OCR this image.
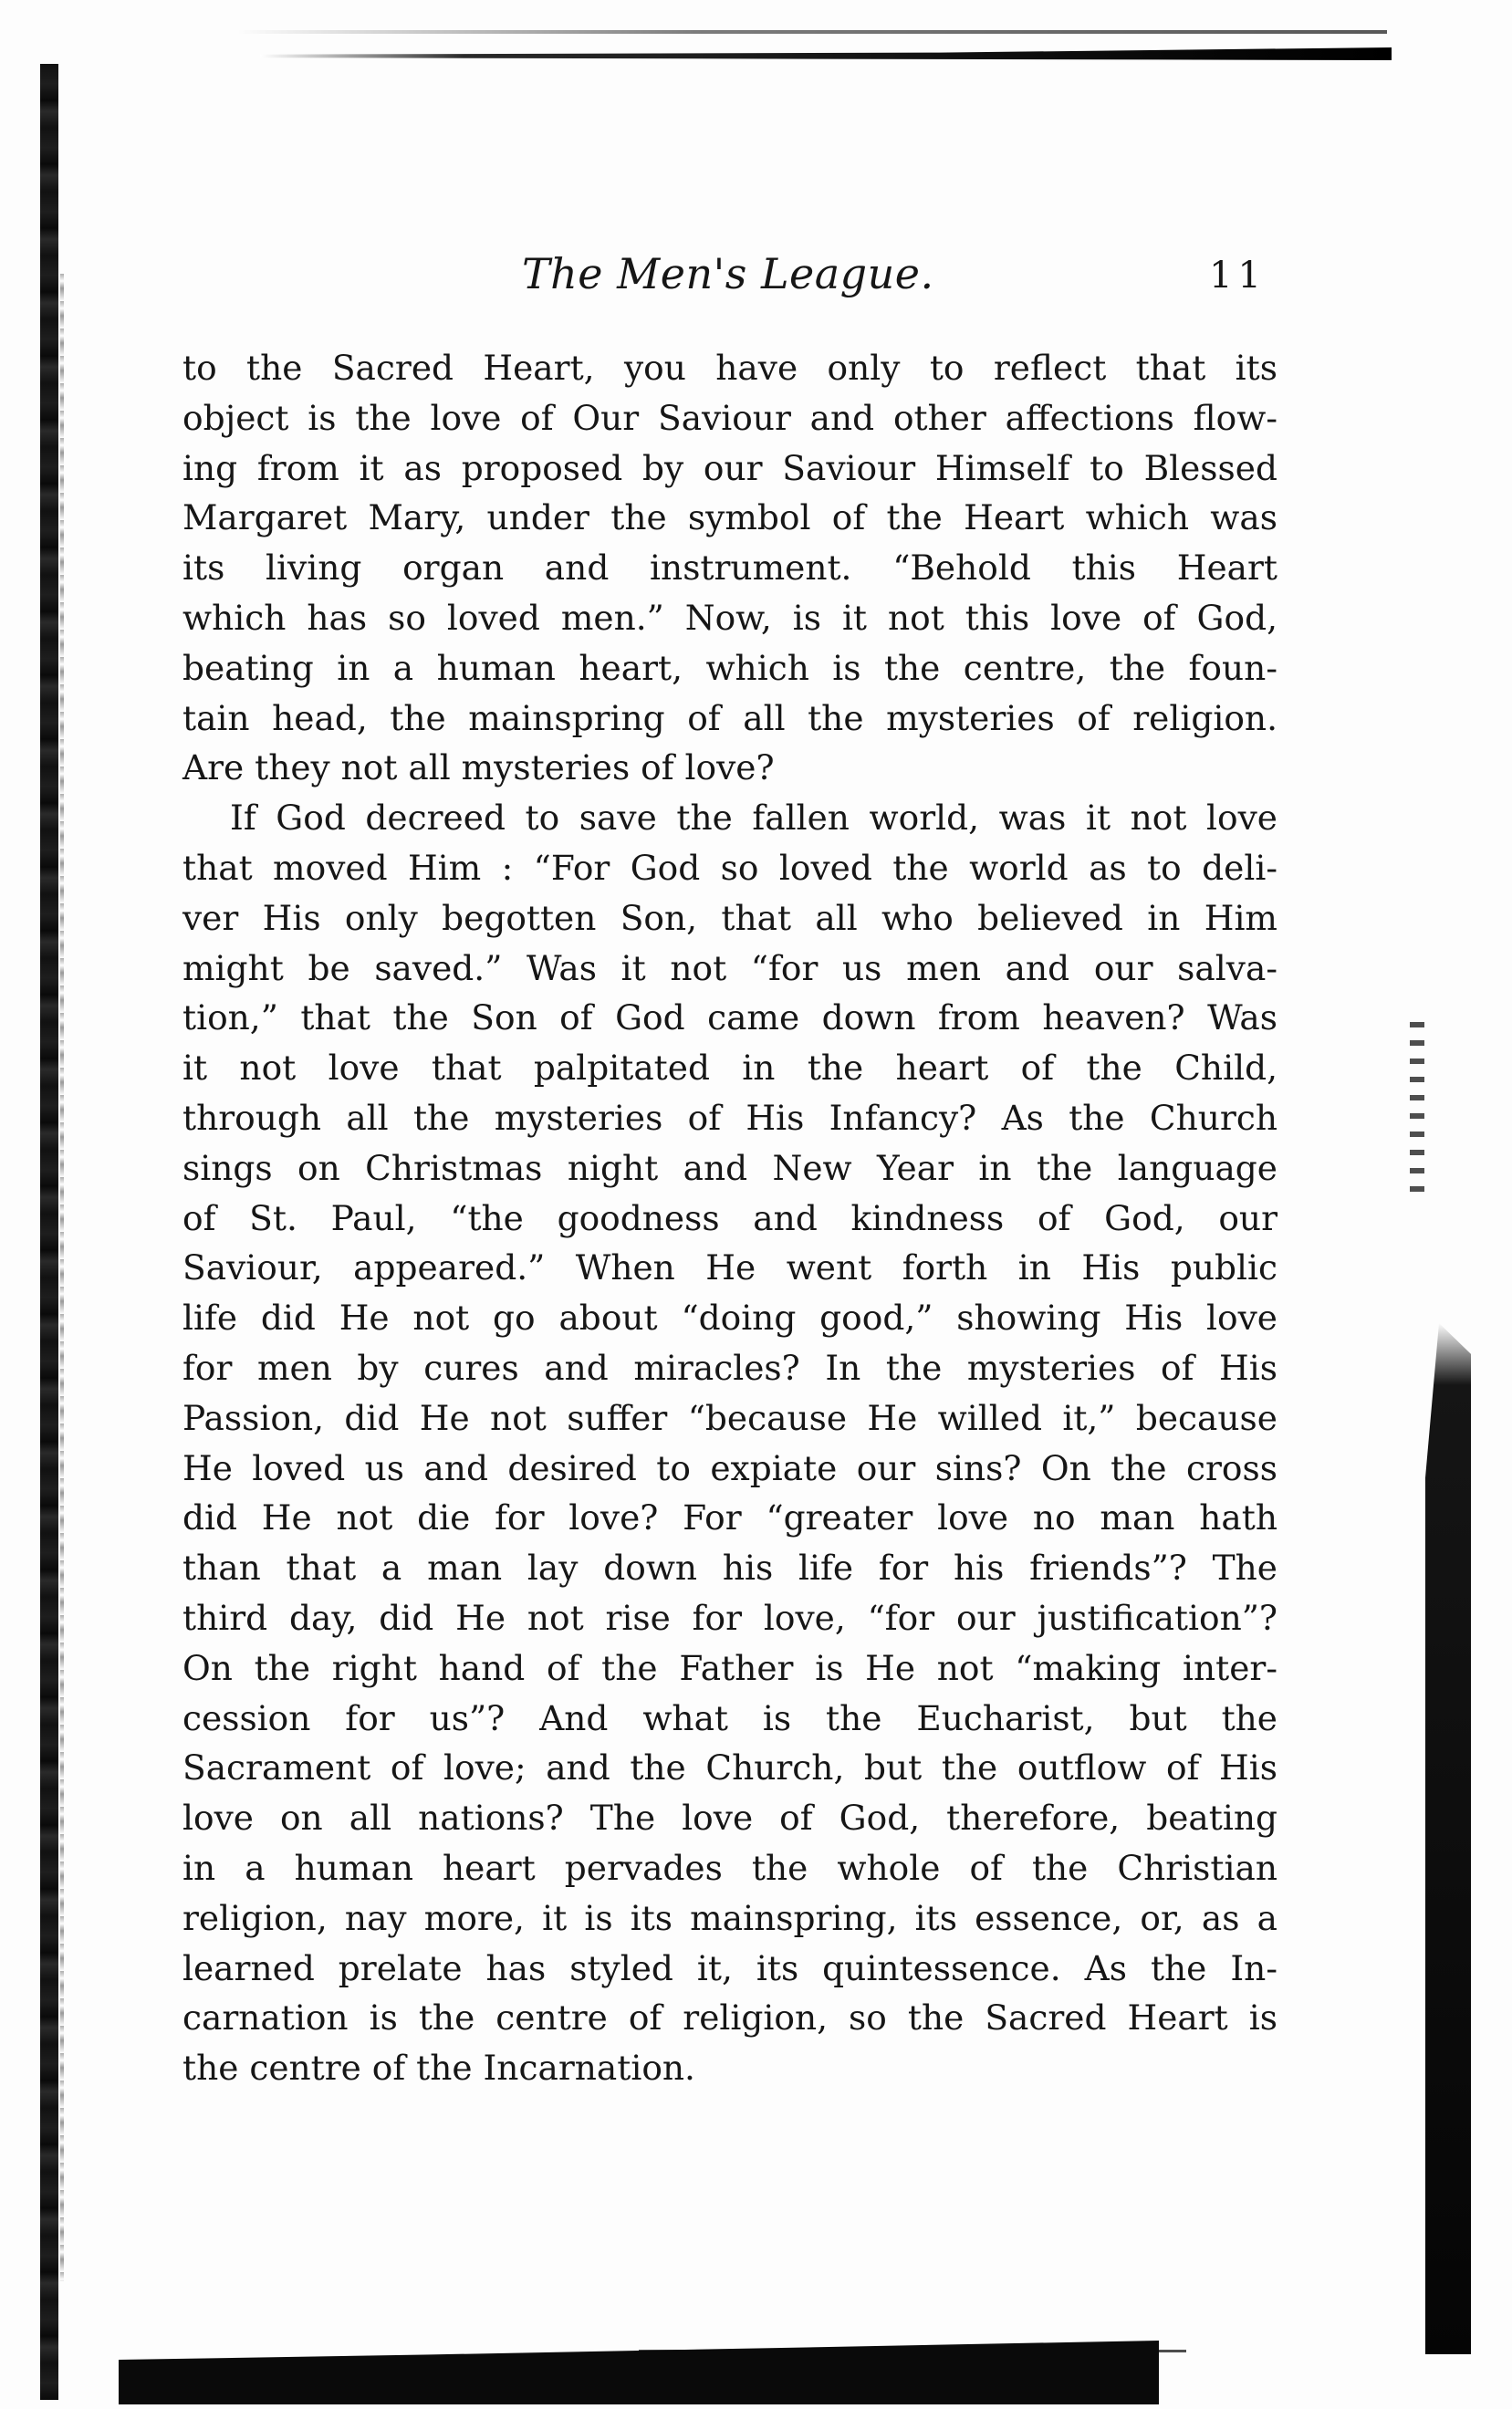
The Men's League.	11
to the Sacred Heart, you have only to reflect that its
object is the love of Our Saviour and other affections flow-
ing from it as proposed by our Saviour Himself to Blessed
Margaret Mary, under the symbol of the Heart which was
its living organ and instrument. “Behold this Heart
which has so loved men.” Now, is it not this love of God,
beating in a human heart, which is the centre, the foun-
tain head, the mainspring of all the mysteries of religion.
Are they not all mysteries of love?
If God decreed to save the fallen world, was it not love
that moved Him : “For God so loved the world as to deli-
ver His only begotten Son, that all who believed in Him
might be saved.” Was it not “for us men and our salva-
tion,” that the Son of God came down from heaven? Was
it not love that palpitated in the heart of the Child,
through all the mysteries of His Infancy? As the Church
sings on Christmas night and New Year in the language
of St. Paul, “the goodness and kindness of God, our
Saviour, appeared.” When He went forth in His public
life did He not go about “doing good,” showing His love
for men by cures and miracles? In the mysteries of His
Passion, did He not suffer “because He willed it,” because
He loved us and desired to expiate our sins? On the cross
did He not die for love? For “greater love no man hath
than that a man lay down his life for his friends”? The
third day, did He not rise for love, “for our justification”?
On the right hand of the Father is He not “making inter-
cession for us”? And what is the Eucharist, but the
Sacrament of love; and the Church, but the outflow of His
love on all nations? The love of God, therefore, beating
in a human heart pervades the whole of the Christian
religion, nay more, it is its mainspring, its essence, or, as a
learned prelate has styled it, its quintessence. As the In-
carnation is the centre of religion, so the Sacred Heart is
the centre of the Incarnation.
